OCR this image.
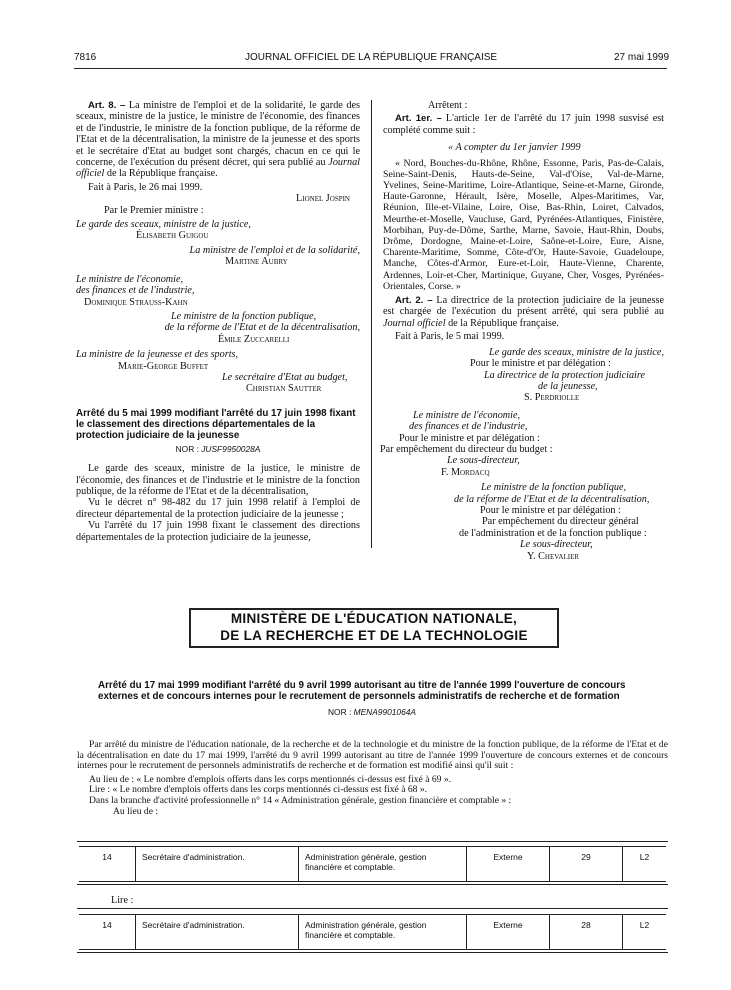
7816	JOURNAL OFFICIEL DE LA RÉPUBLIQUE FRANÇAISE	27 mai 1999

Art. 8. – La ministre de l'emploi et de la solidarité, le garde des sceaux, ministre de la justice, le ministre de l'économie, des finances et de l'industrie, le ministre de la fonction publique, de la réforme de l'Etat et de la décentralisation, la ministre de la jeunesse et des sports et le secrétaire d'Etat au budget sont chargés, chacun en ce qui le concerne, de l'exécution du présent décret, qui sera publié au Journal officiel de la République française.

Fait à Paris, le 26 mai 1999.

Lionel Jospin
Par le Premier ministre :
Le garde des sceaux, ministre de la justice,
Élisabeth Guigou
La ministre de l'emploi et de la solidarité,
Martine Aubry
Le ministre de l'économie,
des finances et de l'industrie,
Dominique Strauss-Kahn
Le ministre de la fonction publique,
de la réforme de l'Etat et de la décentralisation,
Émile Zuccarelli
La ministre de la jeunesse et des sports,
Marie-George Buffet
Le secrétaire d'Etat au budget,
Christian Sautter

Arrêté du 5 mai 1999 modifiant l'arrêté du 17 juin 1998 fixant le classement des directions départementales de la protection judiciaire de la jeunesse

NOR : JUSF9950028A

Le garde des sceaux, ministre de la justice, le ministre de l'économie, des finances et de l'industrie et le ministre de la fonction publique, de la réforme de l'Etat et de la décentralisation,

Vu le décret n° 98-482 du 17 juin 1998 relatif à l'emploi de directeur départemental de la protection judiciaire de la jeunesse ;

Vu l'arrêté du 17 juin 1998 fixant le classement des directions départementales de la protection judiciaire de la jeunesse,

Arrêtent :

Art. 1er. – L'article 1er de l'arrêté du 17 juin 1998 susvisé est complété comme suit :

« A compter du 1er janvier 1999

« Nord, Bouches-du-Rhône, Rhône, Essonne, Paris, Pas-de-Calais, Seine-Saint-Denis, Hauts-de-Seine, Val-d'Oise, Val-de-Marne, Yvelines, Seine-Maritime, Loire-Atlantique, Seine-et-Marne, Gironde, Haute-Garonne, Hérault, Isère, Moselle, Alpes-Maritimes, Var, Réunion, Ille-et-Vilaine, Loire, Oise, Bas-Rhin, Loiret, Calvados, Meurthe-et-Moselle, Vaucluse, Gard, Pyrénées-Atlantiques, Finistère, Morbihan, Puy-de-Dôme, Sarthe, Marne, Savoie, Haut-Rhin, Doubs, Drôme, Dordogne, Maine-et-Loire, Saône-et-Loire, Eure, Aisne, Charente-Maritime, Somme, Côte-d'Or, Haute-Savoie, Guadeloupe, Manche, Côtes-d'Armor, Eure-et-Loir, Haute-Vienne, Charente, Ardennes, Loir-et-Cher, Martinique, Guyane, Cher, Vosges, Pyrénées-Orientales, Corse. »

Art. 2. – La directrice de la protection judiciaire de la jeunesse est chargée de l'exécution du présent arrêté, qui sera publié au Journal officiel de la République française.

Fait à Paris, le 5 mai 1999.

Le garde des sceaux, ministre de la justice,
Pour le ministre et par délégation :
La directrice de la protection judiciaire
de la jeunesse,
S. Perdriolle
Le ministre de l'économie,
des finances et de l'industrie,
Pour le ministre et par délégation :
Par empêchement du directeur du budget :
Le sous-directeur,
F. Mordacq
Le ministre de la fonction publique,
de la réforme de l'Etat et de la décentralisation,
Pour le ministre et par délégation :
Par empêchement du directeur général
de l'administration et de la fonction publique :
Le sous-directeur,
Y. Chevalier
MINISTÈRE DE L'ÉDUCATION NATIONALE,
DE LA RECHERCHE ET DE LA TECHNOLOGIE

Arrêté du 17 mai 1999 modifiant l'arrêté du 9 avril 1999 autorisant au titre de l'année 1999 l'ouverture de concours externes et de concours internes pour le recrutement de personnels administratifs de recherche et de formation

NOR : MENA9901064A

Par arrêté du ministre de l'éducation nationale, de la recherche et de la technologie et du ministre de la fonction publique, de la réforme de l'Etat et de la décentralisation en date du 17 mai 1999, l'arrêté du 9 avril 1999 autorisant au titre de l'année 1999 l'ouverture de concours externes et de concours internes pour le recrutement de personnels administratifs de recherche et de formation est modifié ainsi qu'il suit :

Au lieu de : « Le nombre d'emplois offerts dans les corps mentionnés ci-dessus est fixé à 69 ».

Lire : « Le nombre d'emplois offerts dans les corps mentionnés ci-dessus est fixé à 68 ».

Dans la branche d'activité professionnelle n° 14 « Administration générale, gestion financière et comptable » :

Au lieu de :

14	Secrétaire d'administration.	Administration générale, gestion financière et comptable.	Externe	29	L2
Lire :
14	Secrétaire d'administration.	Administration générale, gestion financière et comptable.	Externe	28	L2
